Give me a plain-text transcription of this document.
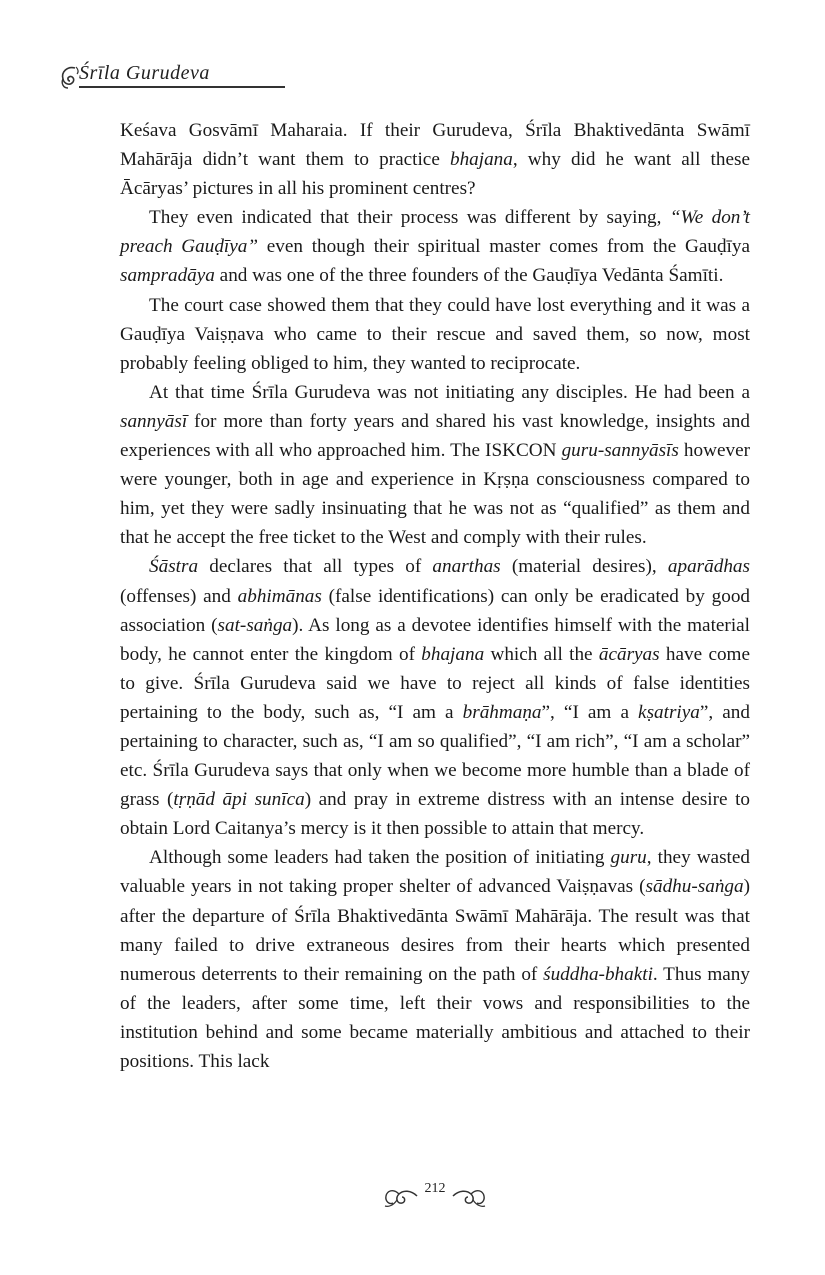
Śrīla Gurudeva

Keśava Gosvāmī Maharaia. If their Gurudeva, Śrīla Bhaktivedānta Swāmī Mahārāja didn’t want them to practice bhajana, why did he want all these Ācāryas’ pictures in all his prominent centres?

They even indicated that their process was different by saying, “We don’t preach Gauḍīya” even though their spiritual master comes from the Gauḍīya sampradāya and was one of the three founders of the Gauḍīya Vedānta Śamīti.

The court case showed them that they could have lost everything and it was a Gauḍīya Vaiṣṇava who came to their rescue and saved them, so now, most probably feeling obliged to him, they wanted to reciprocate.

At that time Śrīla Gurudeva was not initiating any disciples. He had been a sannyāsī for more than forty years and shared his vast knowledge, insights and experiences with all who approached him. The ISKCON guru-sannyāsīs however were younger, both in age and experience in Kṛṣṇa consciousness compared to him, yet they were sadly insinuating that he was not as “qualified” as them and that he accept the free ticket to the West and comply with their rules.

Śāstra declares that all types of anarthas (material desires), aparādhas (offenses) and abhimānas (false identifications) can only be eradicated by good association (sat-saṅga). As long as a devotee identifies himself with the material body, he cannot enter the kingdom of bhajana which all the ācāryas have come to give. Śrīla Gurudeva said we have to reject all kinds of false identities pertaining to the body, such as, “I am a brāhmaṇa”, “I am a kṣatriya”, and pertaining to character, such as, “I am so qualified”, “I am rich”, “I am a scholar” etc. Śrīla Gurudeva says that only when we become more humble than a blade of grass (tṛṇād āpi sunīca) and pray in extreme distress with an intense desire to obtain Lord Caitanya’s mercy is it then possible to attain that mercy.

Although some leaders had taken the position of initiating guru, they wasted valuable years in not taking proper shelter of advanced Vaiṣṇavas (sādhu-saṅga) after the departure of Śrīla Bhaktivedānta Swāmī Mahārāja. The result was that many failed to drive extraneous desires from their hearts which presented numerous deterrents to their remaining on the path of śuddha-bhakti. Thus many of the leaders, after some time, left their vows and responsibilities to the institution behind and some became materially ambitious and attached to their positions. This lack

212
